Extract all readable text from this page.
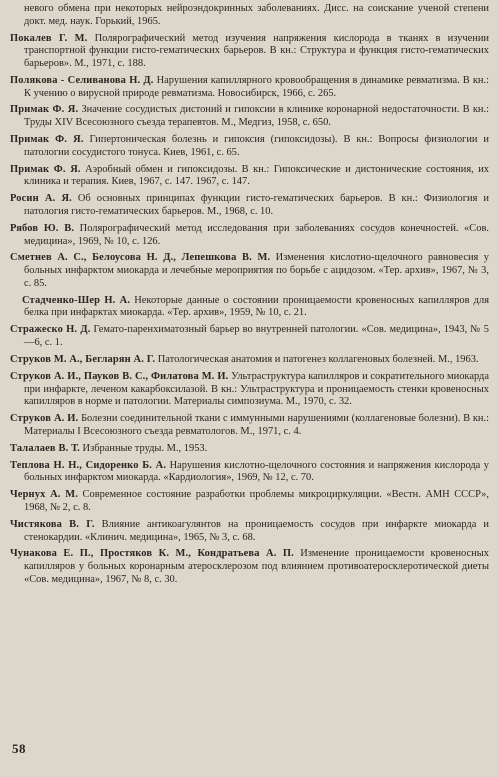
невого обмена при некоторых нейроэндокринных заболеваниях. Дисс. на соискание ученой степени докт. мед. наук. Горький, 1965.

Покалев Г. М. Полярографический метод изучения напряжения кислорода в тканях в изучении транспортной функции гисто-гематических барьеров. В кн.: Структура и функция гисто-гематических барьеров». М., 1971, с. 188.

Полякова - Селиванова Н. Д. Нарушения капиллярного кровообращения в динамике ревматизма. В кн.: К учению о вирусной природе ревматизма. Новосибирск, 1966, с. 265.

Примак Ф. Я. Значение сосудистых дистоний и гипоксии в клинике коронарной недостаточности. В кн.: Труды XIV Всесоюзного съезда терапевтов. М., Медгиз, 1958, с. 650.

Примак Ф. Я. Гипертоническая болезнь и гипоксия (гипоксидозы). В кн.: Вопросы физиологии и патологии сосудистого тонуса. Киев, 1961, с. 65.

Примак Ф. Я. Аэробный обмен и гипоксидозы. В кн.: Гипоксические и дистонические состояния, их клиника и терапия. Киев, 1967, с. 147. 1967, с. 147.

Росин А. Я. Об основных принципах функции гисто-гематических барьеров. В кн.: Физиология и патология гисто-гематических барьеров. М., 1968, с. 10.

Рябов Ю. В. Полярографический метод исследования при заболеваниях сосудов конечностей. «Сов. медицина», 1969, № 10, с. 126.

Сметнев А. С., Белоусова Н. Д., Лепешкова В. М. Изменения кислотно-щелочного равновесия у больных инфарктом миокарда и лечебные мероприятия по борьбе с ацидозом. «Тер. архив», 1967, № 3, с. 85.

Стадченко-Шер Н. А. Некоторые данные о состоянии проницаемости кровеносных капилляров для белка при инфарктах миокарда. «Тер. архив», 1959, № 10, с. 21.

Стражеско Н. Д. Гемато-паренхиматозный барьер во внутренней патологии. «Сов. медицина», 1943, № 5—6, с. 1.

Струков М. А., Бегларян А. Г. Патологическая анатомия и патогенез коллагеновых болезней. М., 1963.

Струков А. И., Пауков В. С., Филатова М. И. Ультраструктура капилляров и сократительного миокарда при инфаркте, леченом какарбоксилазой. В кн.: Ультраструктура и проницаемость стенки кровеносных капилляров в норме и патологии. Материалы симпозиума. М., 1970, с. 32.

Струков А. И. Болезни соединительной ткани с иммунными нарушениями (коллагеновые болезни). В кн.: Материалы I Всесоюзного съезда ревматологов. М., 1971, с. 4.

Талалаев В. Т. Избранные труды. М., 1953.

Теплова Н. Н., Сидоренко Б. А. Нарушения кислотно-щелочного состояния и напряжения кислорода у больных инфарктом миокарда. «Кардиология», 1969, № 12, с. 70.

Чернух А. М. Современное состояние разработки проблемы микроциркуляции. «Вестн. АМН СССР», 1968, № 2, с. 8.

Чистякова В. Г. Влияние антикоагулянтов на проницаемость сосудов при инфаркте миокарда и стенокардии. «Клинич. медицина», 1965, № 3, с. 68.

Чунакова Е. П., Простяков К. М., Кондратьева А. П. Изменение проницаемости кровеносных капилляров у больных коронарным атеросклерозом под влиянием противоатеросклеротической диеты «Сов. медицина», 1967, № 8, с. 30.

58
